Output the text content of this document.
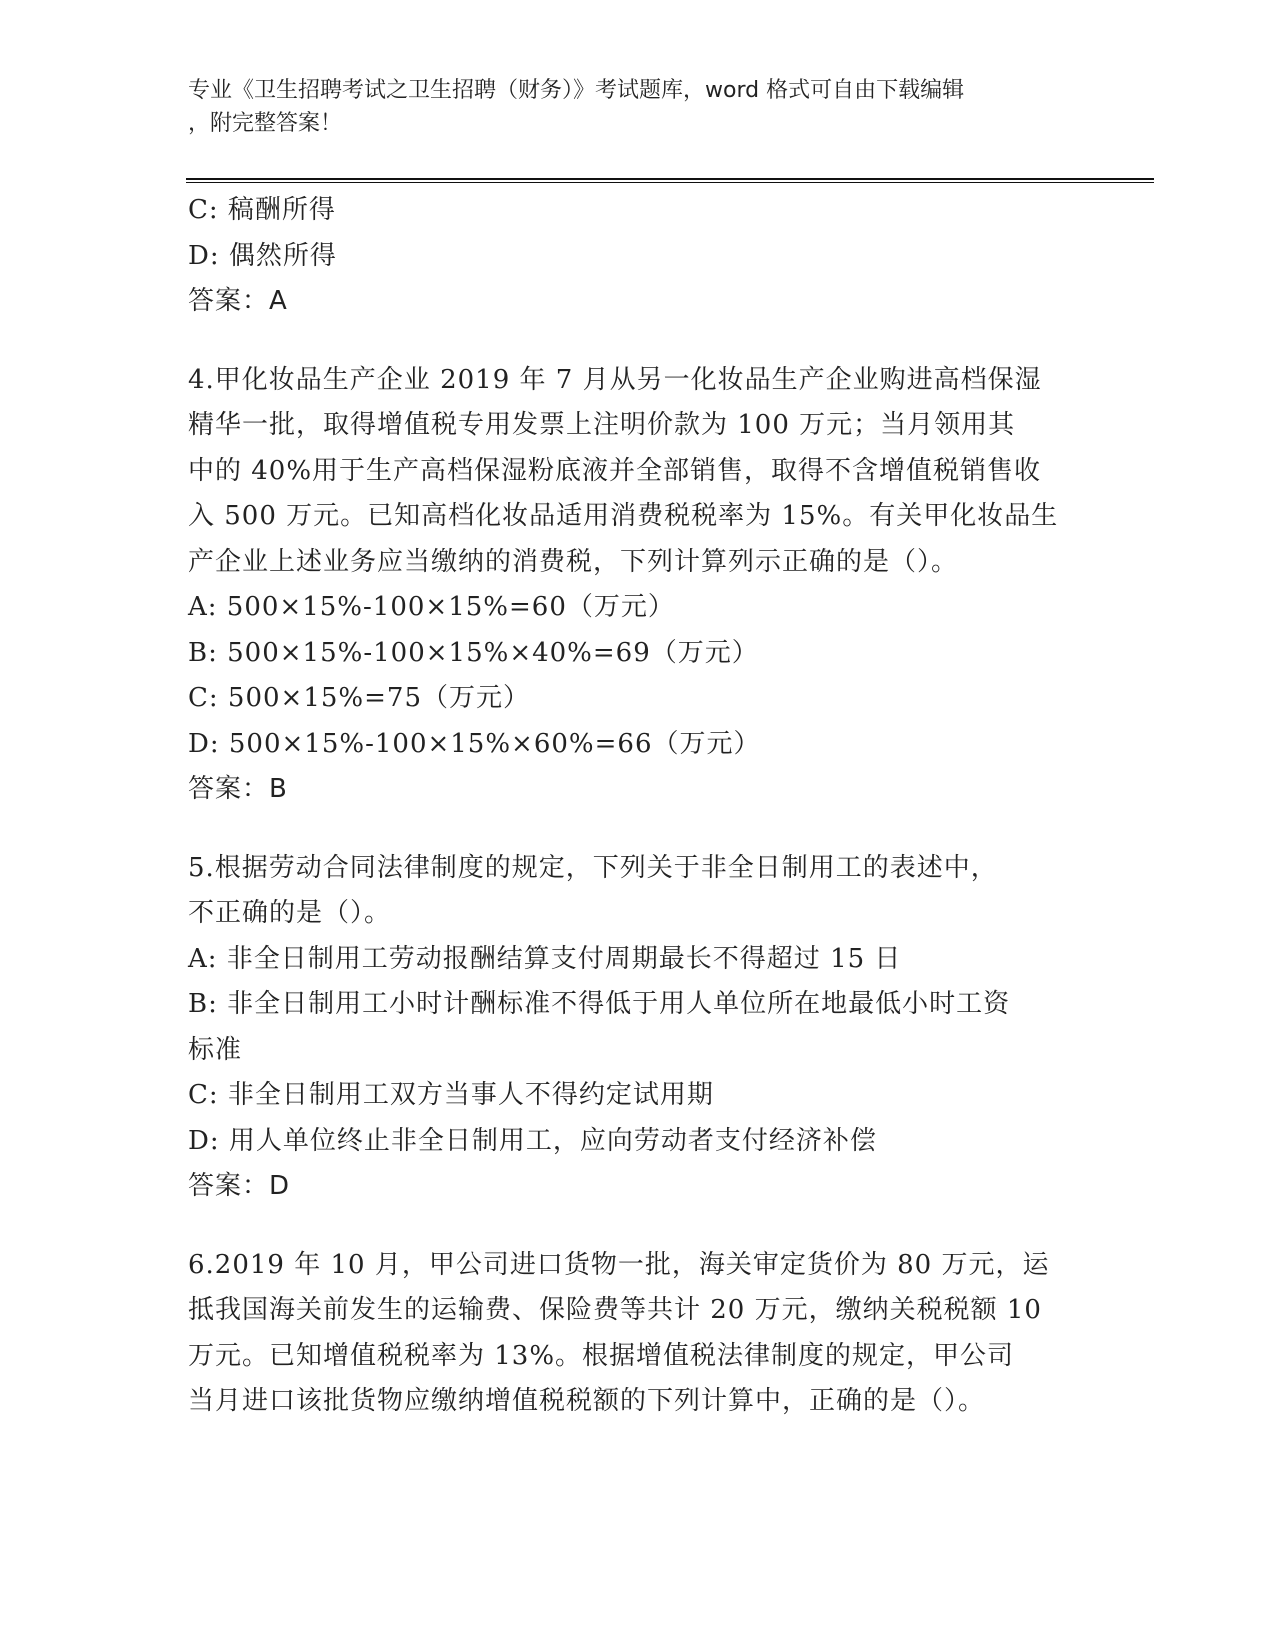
专业《卫生招聘考试之卫生招聘（财务）》考试题库，word 格式可自由下载编辑
，附完整答案！
C: 稿酬所得
D: 偶然所得
答案：A
4.甲化妆品生产企业 2019 年 7 月从另一化妆品生产企业购进高档保湿
精华一批，取得增值税专用发票上注明价款为 100 万元；当月领用其
中的 40%用于生产高档保湿粉底液并全部销售，取得不含增值税销售收
入 500 万元。已知高档化妆品适用消费税税率为 15%。有关甲化妆品生
产企业上述业务应当缴纳的消费税，下列计算列示正确的是（）。
A: 500×15%-100×15%=60（万元）
B: 500×15%-100×15%×40%=69（万元）
C: 500×15%=75（万元）
D: 500×15%-100×15%×60%=66（万元）
答案：B
5.根据劳动合同法律制度的规定，下列关于非全日制用工的表述中，
不正确的是（）。
A: 非全日制用工劳动报酬结算支付周期最长不得超过 15 日
B: 非全日制用工小时计酬标准不得低于用人单位所在地最低小时工资
标准
C: 非全日制用工双方当事人不得约定试用期
D: 用人单位终止非全日制用工，应向劳动者支付经济补偿
答案：D
6.2019 年 10 月，甲公司进口货物一批，海关审定货价为 80 万元，运
抵我国海关前发生的运输费、保险费等共计 20 万元，缴纳关税税额 10
万元。已知增值税税率为 13%。根据增值税法律制度的规定，甲公司
当月进口该批货物应缴纳增值税税额的下列计算中，正确的是（）。
